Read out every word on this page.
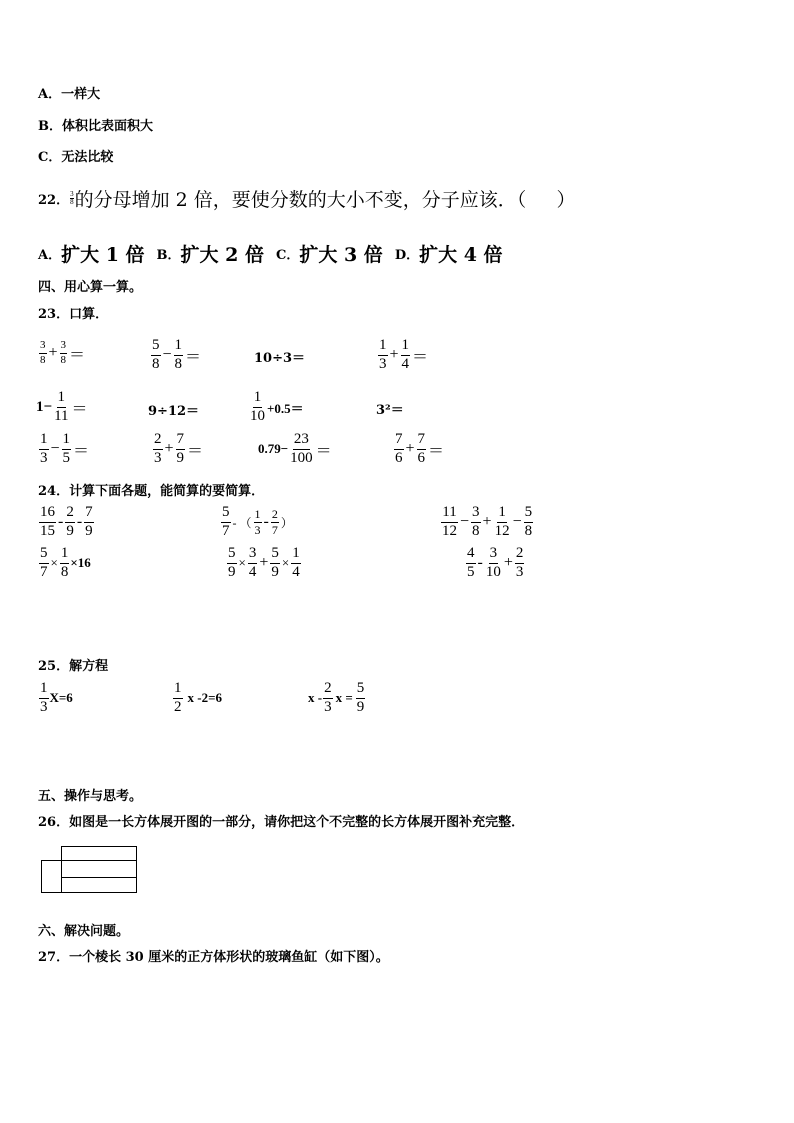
A．一样大
B．体积比表面积大
C．无法比较
22． $\frac{3}{8}$ 的分母增加 2 倍，要使分数的大小不变，分子应该．（     ）
A． 扩大 1 倍 B． 扩大 2 倍 C． 扩大 3 倍 D． 扩大 4 倍
四、用心算一算。
23．口算．
$\frac{3}{8} + \frac{3}{8}$ ＝	$\frac{5}{8} - \frac{1}{8}$ ＝	10÷3＝	$\frac{1}{3} + \frac{1}{4}$ ＝
$1- \frac{1}{11}$ ＝	9÷12＝	$\frac{1}{10} +0.5=$	3²＝
$\frac{1}{3} - \frac{1}{5}$ ＝	$\frac{2}{3} + \frac{7}{9}$ ＝	$0.79- \frac{23}{100}$ ＝	$\frac{7}{6} + \frac{7}{6}$ ＝
24．计算下面各题，能简算的要简算．
$\frac{16}{15} - \frac{2}{9} - \frac{7}{9}$	$\frac{5}{7}$ - （ $\frac{1}{3} - \frac{2}{7}$ ）	$\frac{11}{12} - \frac{3}{8} + \frac{1}{12} - \frac{5}{8}$
$\frac{5}{7} \times \frac{1}{8} \times 16$	$\frac{5}{9} \times \frac{3}{4} + \frac{5}{9} \times \frac{1}{4}$	$\frac{4}{5} - \frac{3}{10} + \frac{2}{3}$
25．解方程
$\frac{1}{3} X=6$	$\frac{1}{2}$ x -2=6	x - $\frac{2}{3}$ $x = \frac{5}{9}$
五、操作与思考。
26．如图是一长方体展开图的一部分，请你把这个不完整的长方体展开图补充完整．
六、解决问题。
27．一个棱长 30 厘米的正方体形状的玻璃鱼缸（如下图）。
